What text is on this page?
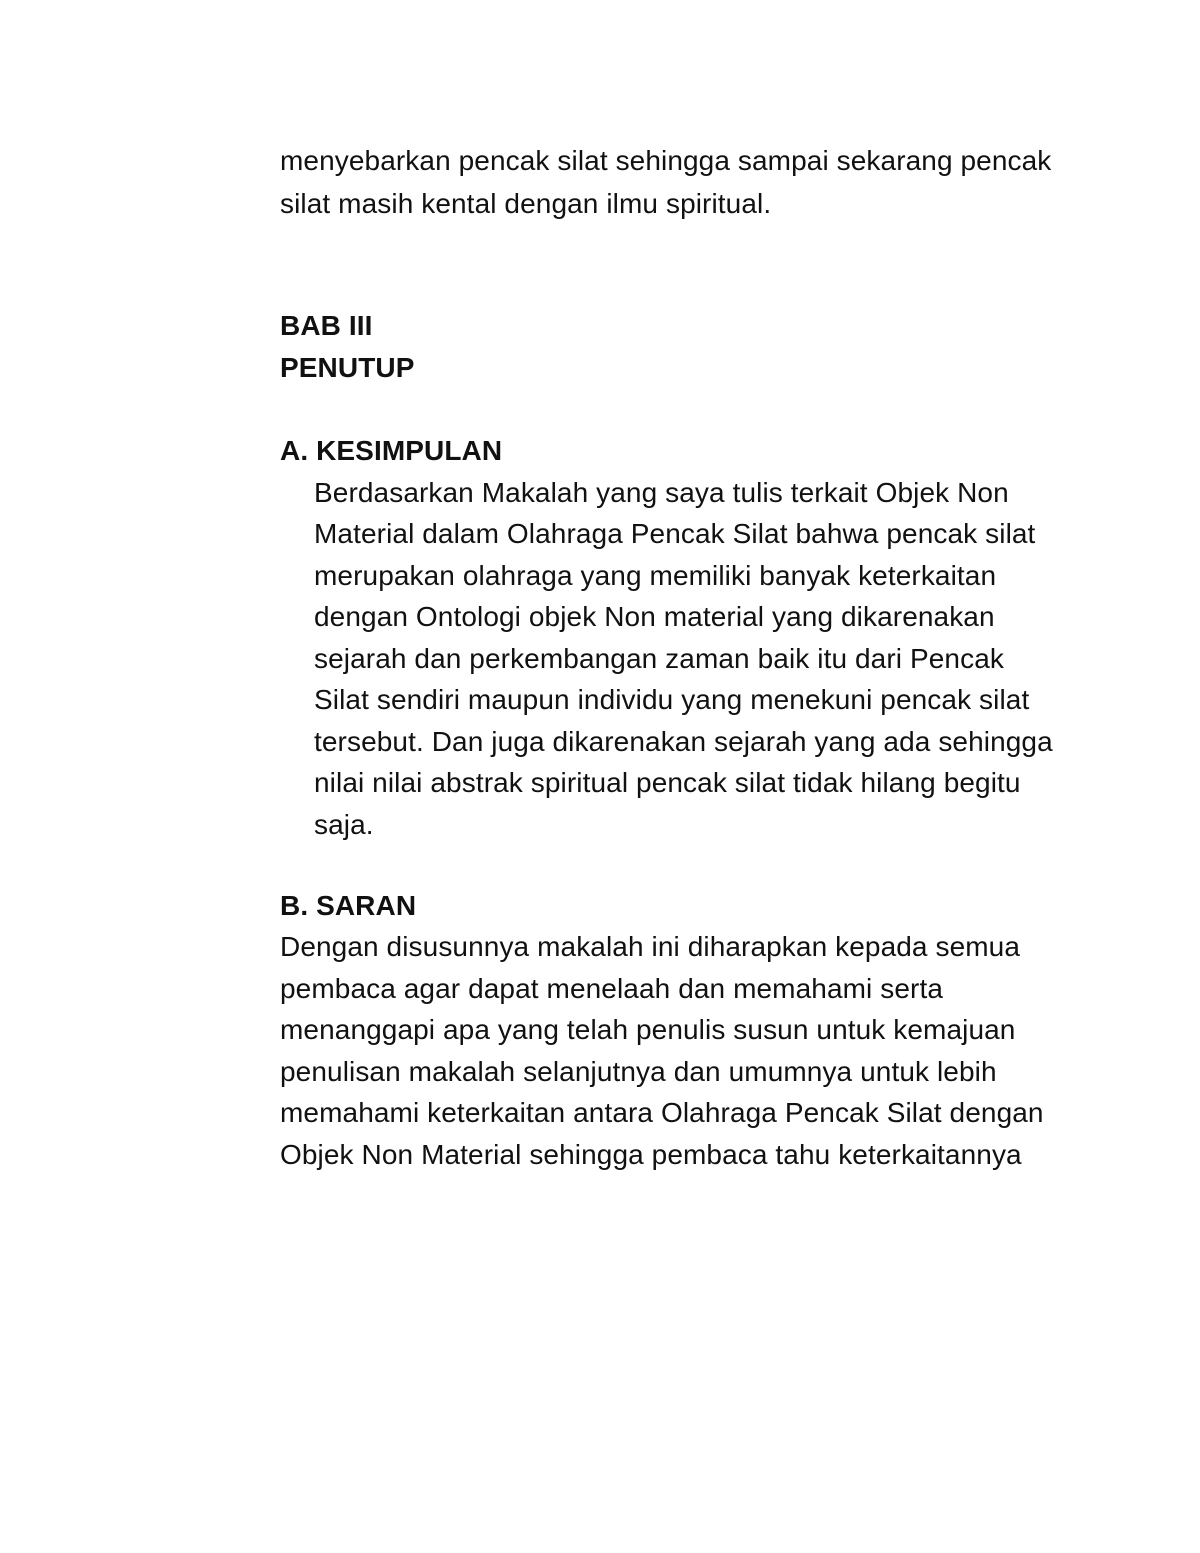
menyebarkan pencak silat sehingga sampai sekarang pencak
silat masih kental dengan ilmu spiritual.
BAB III
PENUTUP
A. KESIMPULAN
Berdasarkan Makalah yang saya tulis terkait Objek Non
Material dalam Olahraga Pencak Silat bahwa pencak silat
merupakan olahraga yang memiliki banyak keterkaitan
dengan Ontologi objek Non material yang dikarenakan
sejarah dan perkembangan zaman baik itu dari Pencak
Silat sendiri maupun individu yang menekuni pencak silat
tersebut. Dan juga dikarenakan sejarah yang ada sehingga
nilai nilai abstrak spiritual pencak silat tidak hilang begitu
saja.
B. SARAN
Dengan disusunnya makalah ini diharapkan kepada semua
pembaca agar dapat menelaah dan memahami serta
menanggapi apa yang telah penulis susun untuk kemajuan
penulisan makalah selanjutnya dan umumnya untuk lebih
memahami keterkaitan antara Olahraga Pencak Silat dengan
Objek Non Material sehingga pembaca tahu keterkaitannya
